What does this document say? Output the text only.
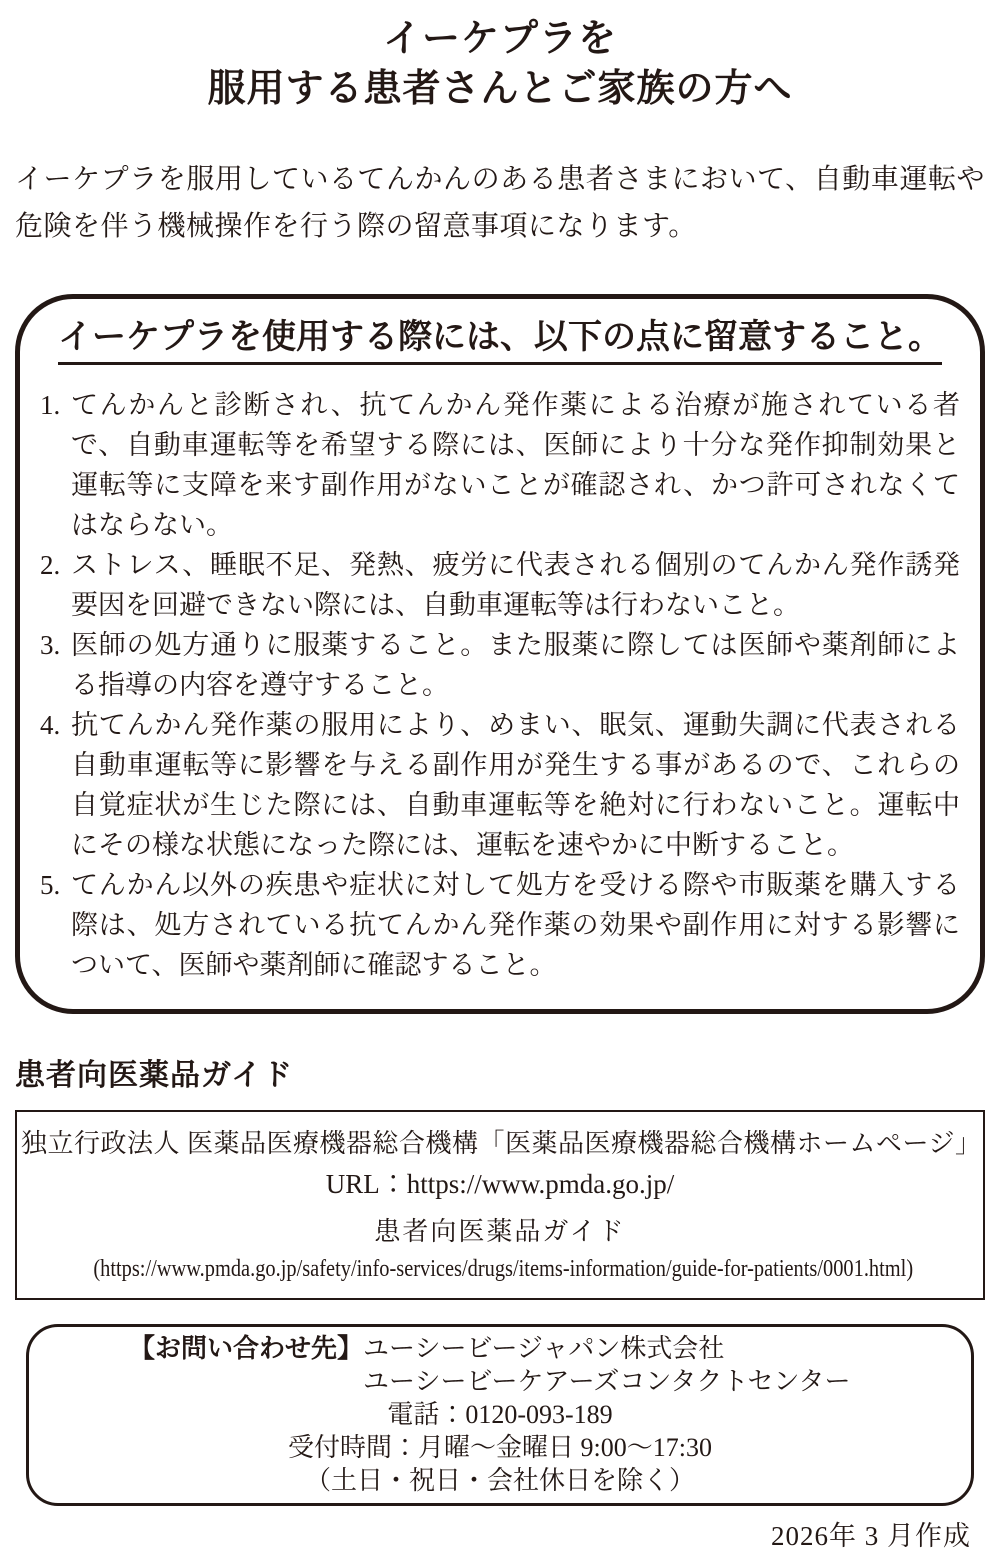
イーケプラを
服用する患者さんとご家族の方へ
イーケプラを服用しているてんかんのある患者さまにおいて、自動車運転や危険を伴う機械操作を行う際の留意事項になります。
イーケプラを使用する際には、以下の点に留意すること。
1. てんかんと診断され、抗てんかん発作薬による治療が施されている者で、自動車運転等を希望する際には、医師により十分な発作抑制効果と運転等に支障を来す副作用がないことが確認され、かつ許可されなくてはならない。
2. ストレス、睡眠不足、発熱、疲労に代表される個別のてんかん発作誘発要因を回避できない際には、自動車運転等は行わないこと。
3. 医師の処方通りに服薬すること。また服薬に際しては医師や薬剤師による指導の内容を遵守すること。
4. 抗てんかん発作薬の服用により、めまい、眠気、運動失調に代表される自動車運転等に影響を与える副作用が発生する事があるので、これらの自覚症状が生じた際には、自動車運転等を絶対に行わないこと。運転中にその様な状態になった際には、運転を速やかに中断すること。
5. てんかん以外の疾患や症状に対して処方を受ける際や市販薬を購入する際は、処方されている抗てんかん発作薬の効果や副作用に対する影響について、医師や薬剤師に確認すること。
患者向医薬品ガイド
独立行政法人 医薬品医療機器総合機構「医薬品医療機器総合機構ホームページ」
URL：https://www.pmda.go.jp/
患者向医薬品ガイド
(https://www.pmda.go.jp/safety/info-services/drugs/items-information/guide-for-patients/0001.html)
【お問い合わせ先】ユーシービージャパン株式会社
ユーシービーケアーズコンタクトセンター
電話：0120-093-189
受付時間：月曜～金曜日 9:00～17:30
（土日・祝日・会社休日を除く）
2026年 3 月作成
